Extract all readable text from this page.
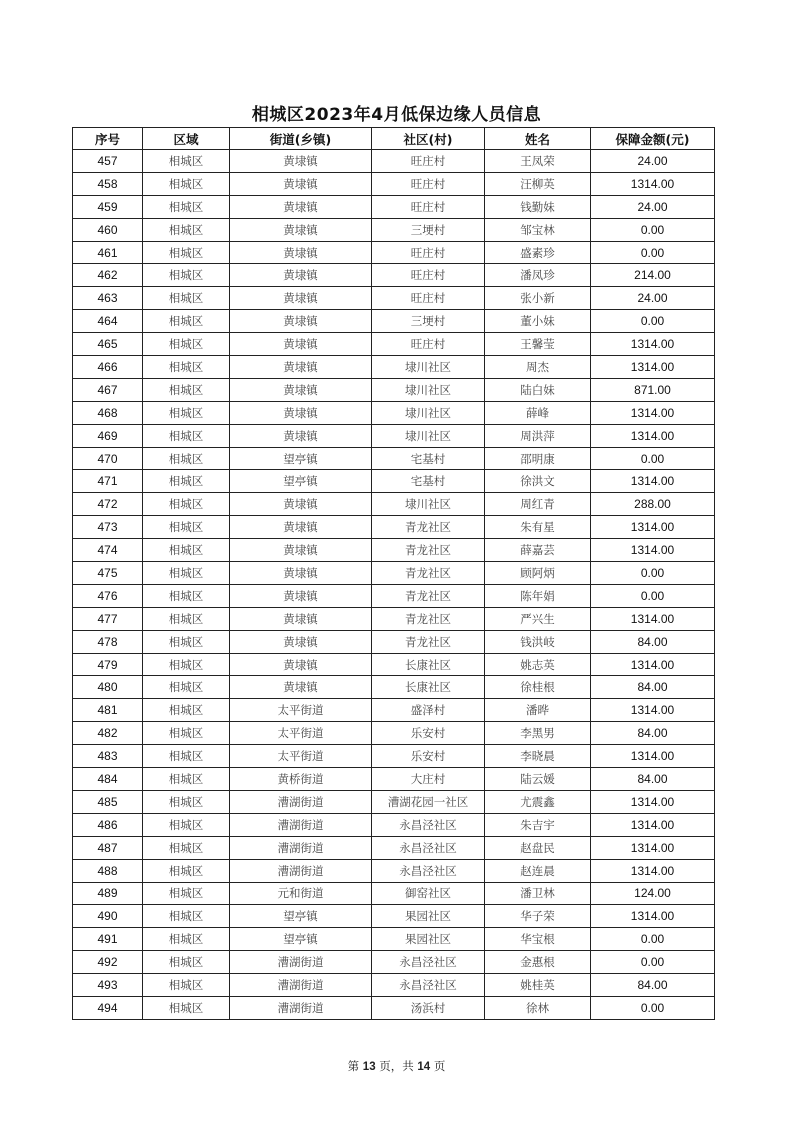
相城区2023年4月低保边缘人员信息
序号	区域	街道(乡镇)	社区(村)	姓名	保障金额(元)
457	相城区	黄埭镇	旺庄村	王凤荣	24.00
458	相城区	黄埭镇	旺庄村	汪柳英	1314.00
459	相城区	黄埭镇	旺庄村	钱勤妹	24.00
460	相城区	黄埭镇	三埂村	邹宝林	0.00
461	相城区	黄埭镇	旺庄村	盛素珍	0.00
462	相城区	黄埭镇	旺庄村	潘凤珍	214.00
463	相城区	黄埭镇	旺庄村	张小新	24.00
464	相城区	黄埭镇	三埂村	董小妹	0.00
465	相城区	黄埭镇	旺庄村	王馨莹	1314.00
466	相城区	黄埭镇	埭川社区	周杰	1314.00
467	相城区	黄埭镇	埭川社区	陆白妹	871.00
468	相城区	黄埭镇	埭川社区	薛峰	1314.00
469	相城区	黄埭镇	埭川社区	周洪萍	1314.00
470	相城区	望亭镇	宅基村	邵明康	0.00
471	相城区	望亭镇	宅基村	徐洪文	1314.00
472	相城区	黄埭镇	埭川社区	周红青	288.00
473	相城区	黄埭镇	青龙社区	朱有星	1314.00
474	相城区	黄埭镇	青龙社区	薛嘉芸	1314.00
475	相城区	黄埭镇	青龙社区	顾阿炳	0.00
476	相城区	黄埭镇	青龙社区	陈年娟	0.00
477	相城区	黄埭镇	青龙社区	严兴生	1314.00
478	相城区	黄埭镇	青龙社区	钱洪岐	84.00
479	相城区	黄埭镇	长康社区	姚志英	1314.00
480	相城区	黄埭镇	长康社区	徐桂根	84.00
481	相城区	太平街道	盛泽村	潘晔	1314.00
482	相城区	太平街道	乐安村	李黑男	84.00
483	相城区	太平街道	乐安村	李晓晨	1314.00
484	相城区	黄桥街道	大庄村	陆云媛	84.00
485	相城区	漕湖街道	漕湖花园一社区	尤震鑫	1314.00
486	相城区	漕湖街道	永昌泾社区	朱吉宇	1314.00
487	相城区	漕湖街道	永昌泾社区	赵盘民	1314.00
488	相城区	漕湖街道	永昌泾社区	赵连晨	1314.00
489	相城区	元和街道	御窑社区	潘卫林	124.00
490	相城区	望亭镇	果园社区	华子荣	1314.00
491	相城区	望亭镇	果园社区	华宝根	0.00
492	相城区	漕湖街道	永昌泾社区	金惠根	0.00
493	相城区	漕湖街道	永昌泾社区	姚桂英	84.00
494	相城区	漕湖街道	汤浜村	徐林	0.00
第 13 页，共 14 页
